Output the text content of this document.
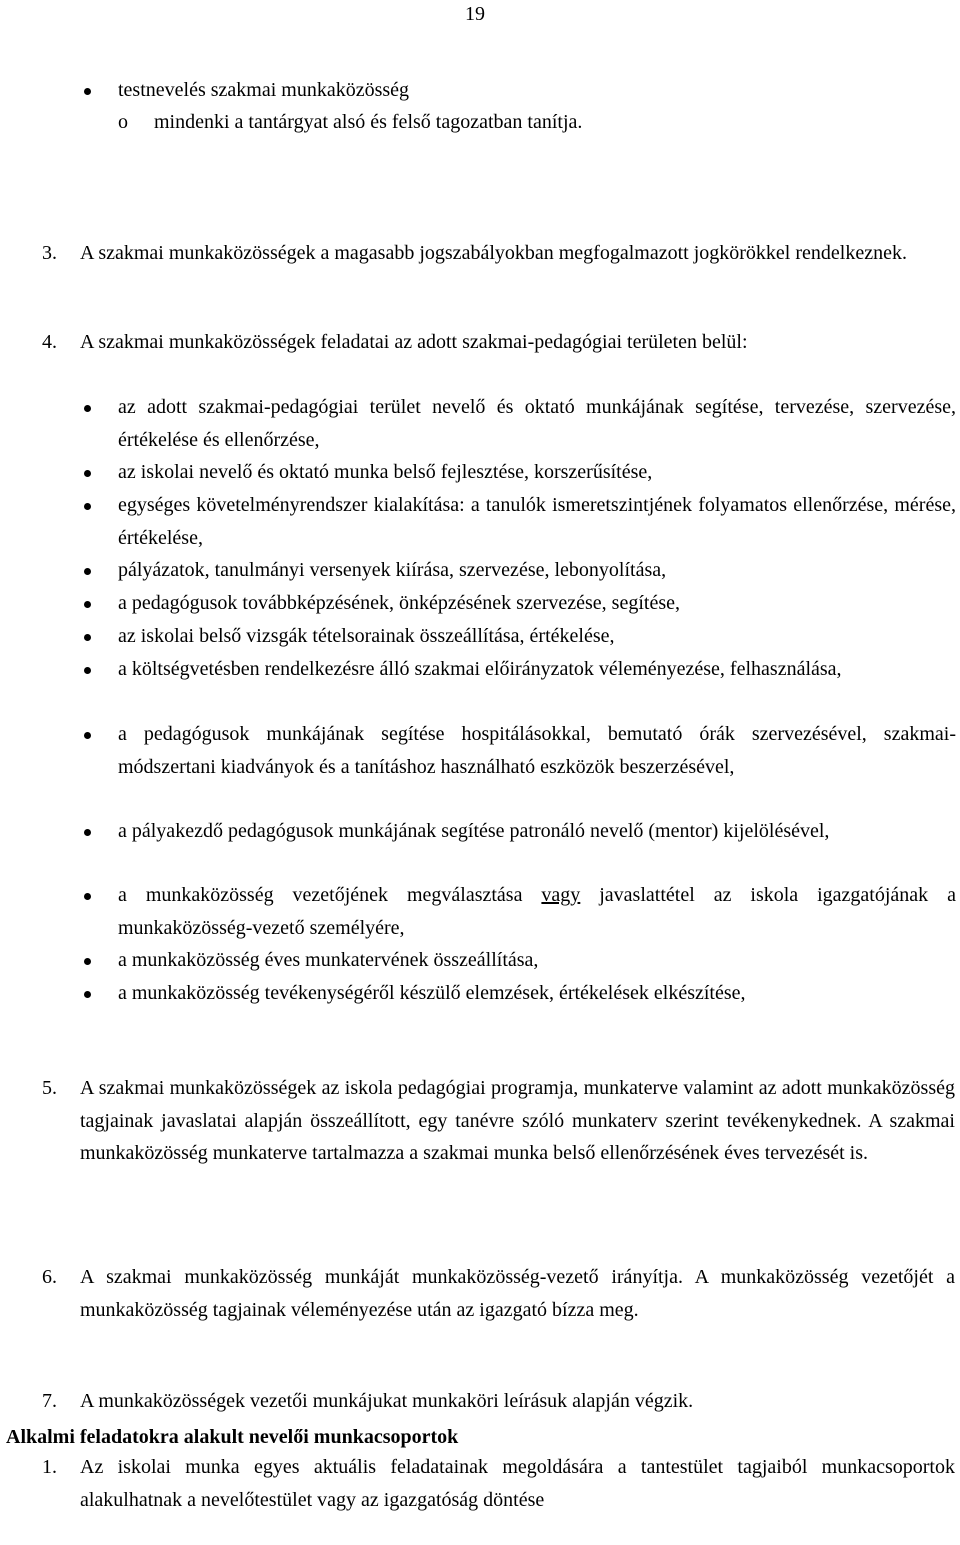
19
testnevelés szakmai munkaközösség
o mindenki a tantárgyat alsó és felső tagozatban tanítja.
3. A szakmai munkaközösségek a magasabb jogszabályokban megfogalmazott jogkörökkel rendelkeznek.
4. A szakmai munkaközösségek feladatai az adott szakmai-pedagógiai területen belül:
az adott szakmai-pedagógiai terület nevelő és oktató munkájának segítése, tervezése, szervezése, értékelése és ellenőrzése,
az iskolai nevelő és oktató munka belső fejlesztése, korszerűsítése,
egységes követelményrendszer kialakítása: a tanulók ismeretszintjének folyamatos ellenőrzése, mérése, értékelése,
pályázatok, tanulmányi versenyek kiírása, szervezése, lebonyolítása,
a pedagógusok továbbképzésének, önképzésének szervezése, segítése,
az iskolai belső vizsgák tételsorainak összeállítása, értékelése,
a költségvetésben rendelkezésre álló szakmai előirányzatok véleményezése, felhasználása,
a pedagógusok munkájának segítése hospitálásokkal, bemutató órák szervezésével, szakmai-módszertani kiadványok és a tanításhoz használható eszközök beszerzésével,
a pályakezdő pedagógusok munkájának segítése patronáló nevelő (mentor) kijelölésével,
a munkaközösség vezetőjének megválasztása vagy javaslattétel az iskola igazgatójának a munkaközösség-vezető személyére,
a munkaközösség éves munkatervének összeállítása,
a munkaközösség tevékenységéről készülő elemzések, értékelések elkészítése,
5. A szakmai munkaközösségek az iskola pedagógiai programja, munkaterve valamint az adott munkaközösség tagjainak javaslatai alapján összeállított, egy tanévre szóló munkaterv szerint tevékenykednek. A szakmai munkaközösség munkaterve tartalmazza a szakmai munka belső ellenőrzésének éves tervezését is.
6. A szakmai munkaközösség munkáját munkaközösség-vezető irányítja. A munkaközösség vezetőjét a munkaközösség tagjainak véleményezése után az igazgató bízza meg.
7. A munkaközösségek vezetői munkájukat munkaköri leírásuk alapján végzik.
Alkalmi feladatokra alakult nevelői munkacsoportok
1. Az iskolai munka egyes aktuális feladatainak megoldására a tantestület tagjaiból munkacsoportok alakulhatnak a nevelőtestület vagy az igazgatóság döntése
